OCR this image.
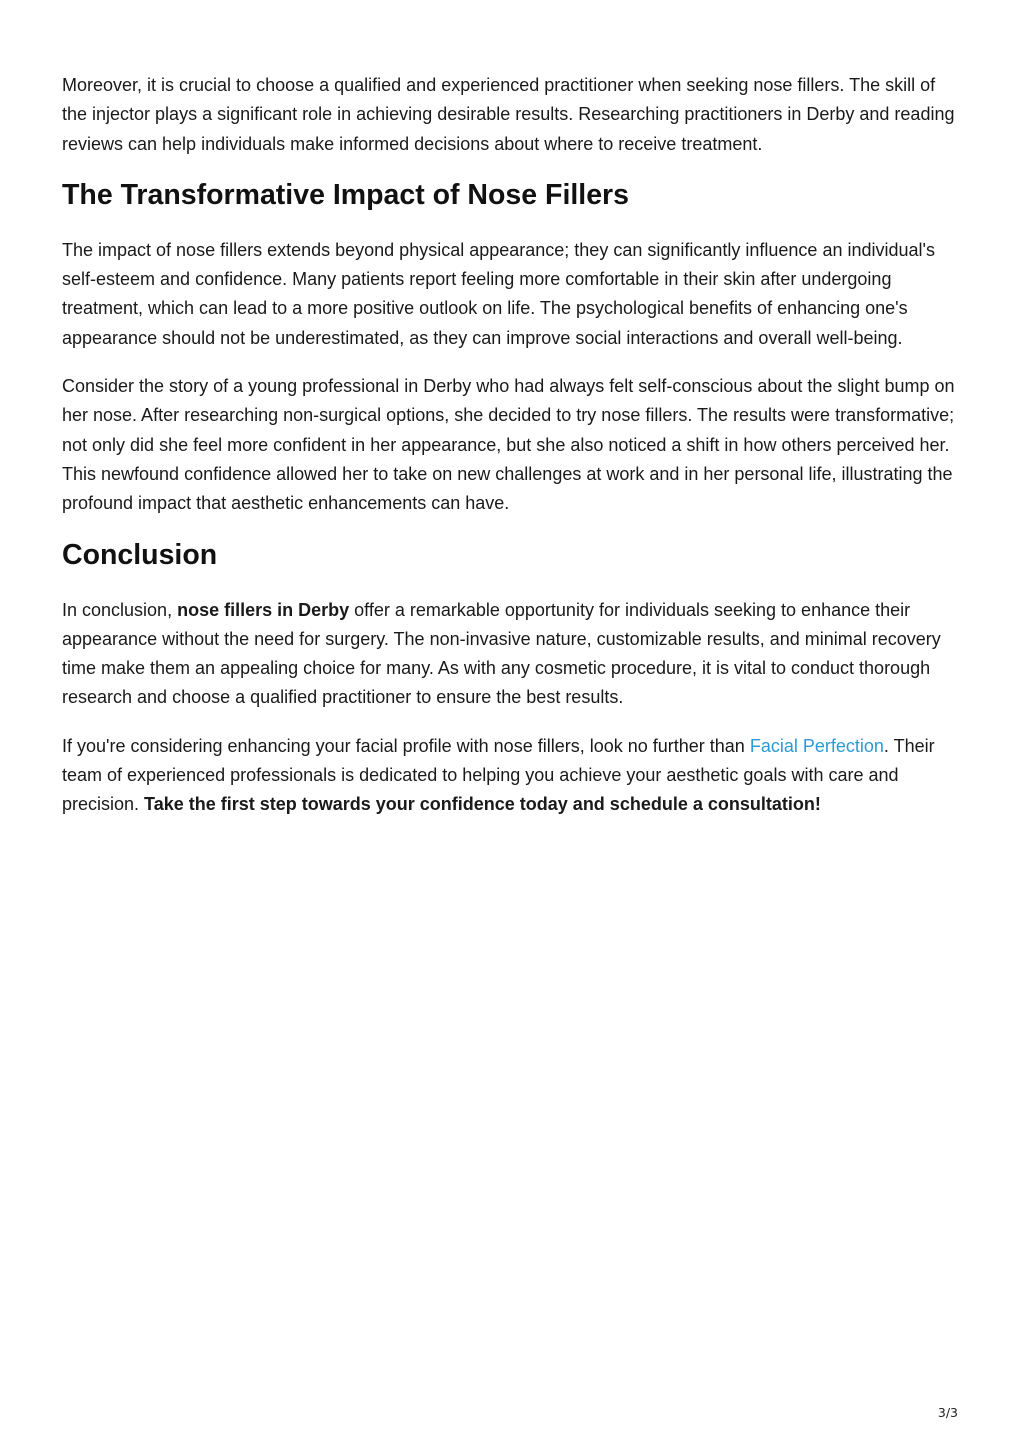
Moreover, it is crucial to choose a qualified and experienced practitioner when seeking nose fillers. The skill of the injector plays a significant role in achieving desirable results. Researching practitioners in Derby and reading reviews can help individuals make informed decisions about where to receive treatment.

The Transformative Impact of Nose Fillers

The impact of nose fillers extends beyond physical appearance; they can significantly influence an individual's self-esteem and confidence. Many patients report feeling more comfortable in their skin after undergoing treatment, which can lead to a more positive outlook on life. The psychological benefits of enhancing one's appearance should not be underestimated, as they can improve social interactions and overall well-being.

Consider the story of a young professional in Derby who had always felt self-conscious about the slight bump on her nose. After researching non-surgical options, she decided to try nose fillers. The results were transformative; not only did she feel more confident in her appearance, but she also noticed a shift in how others perceived her. This newfound confidence allowed her to take on new challenges at work and in her personal life, illustrating the profound impact that aesthetic enhancements can have.

Conclusion

In conclusion, nose fillers in Derby offer a remarkable opportunity for individuals seeking to enhance their appearance without the need for surgery. The non-invasive nature, customizable results, and minimal recovery time make them an appealing choice for many. As with any cosmetic procedure, it is vital to conduct thorough research and choose a qualified practitioner to ensure the best results.

If you're considering enhancing your facial profile with nose fillers, look no further than Facial Perfection. Their team of experienced professionals is dedicated to helping you achieve your aesthetic goals with care and precision. Take the first step towards your confidence today and schedule a consultation!

3/3
